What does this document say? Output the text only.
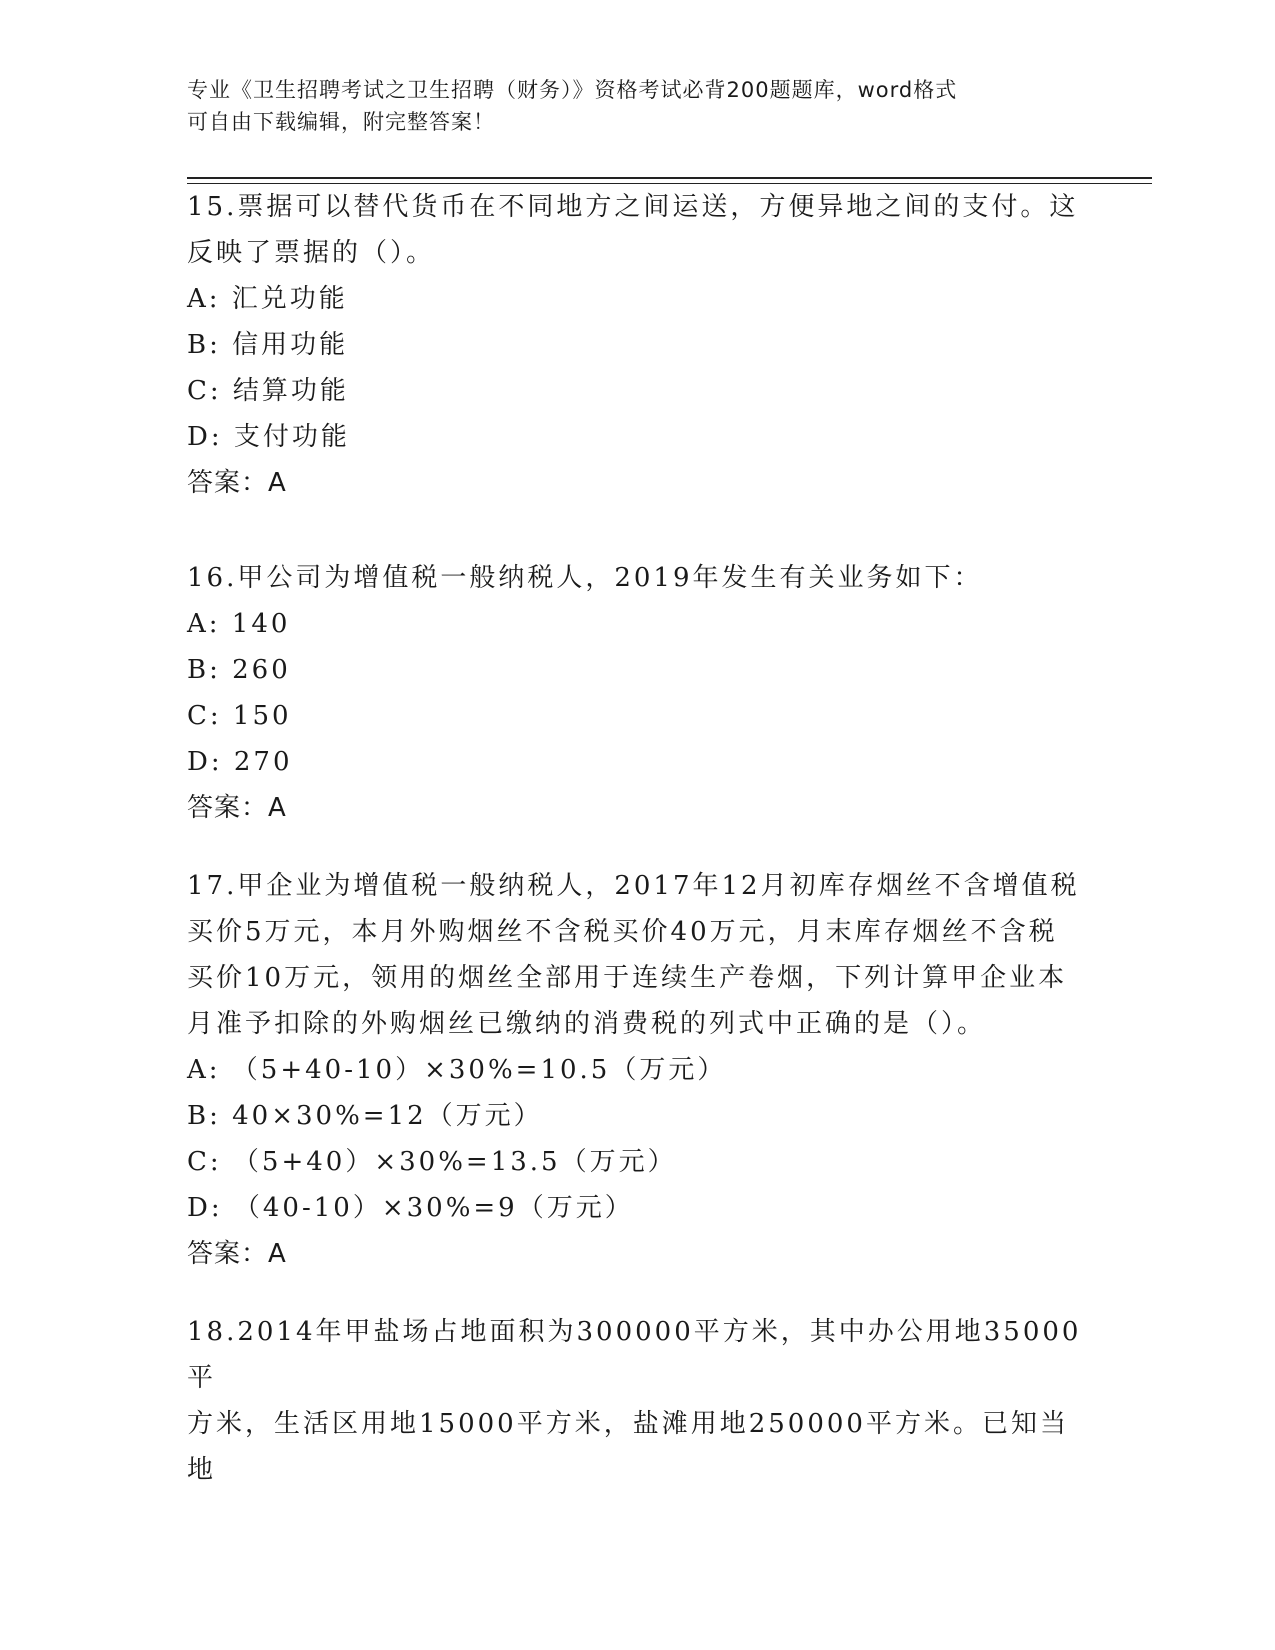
专业《卫生招聘考试之卫生招聘（财务）》资格考试必背200题题库，word格式
可自由下载编辑，附完整答案！

15.票据可以替代货币在不同地方之间运送，方便异地之间的支付。这

反映了票据的（）。

A: 汇兑功能

B: 信用功能

C: 结算功能

D: 支付功能

答案：A

16.甲公司为增值税一般纳税人，2019年发生有关业务如下：

A: 140

B: 260

C: 150

D: 270

答案：A

17.甲企业为增值税一般纳税人，2017年12月初库存烟丝不含增值税

买价5万元，本月外购烟丝不含税买价40万元，月末库存烟丝不含税

买价10万元，领用的烟丝全部用于连续生产卷烟，下列计算甲企业本

月准予扣除的外购烟丝已缴纳的消费税的列式中正确的是（）。

A: （5+40-10）×30%=10.5（万元）

B: 40×30%=12（万元）

C: （5+40）×30%=13.5（万元）

D: （40-10）×30%=9（万元）

答案：A

18.2014年甲盐场占地面积为300000平方米，其中办公用地35000平

方米，生活区用地15000平方米，盐滩用地250000平方米。已知当地
